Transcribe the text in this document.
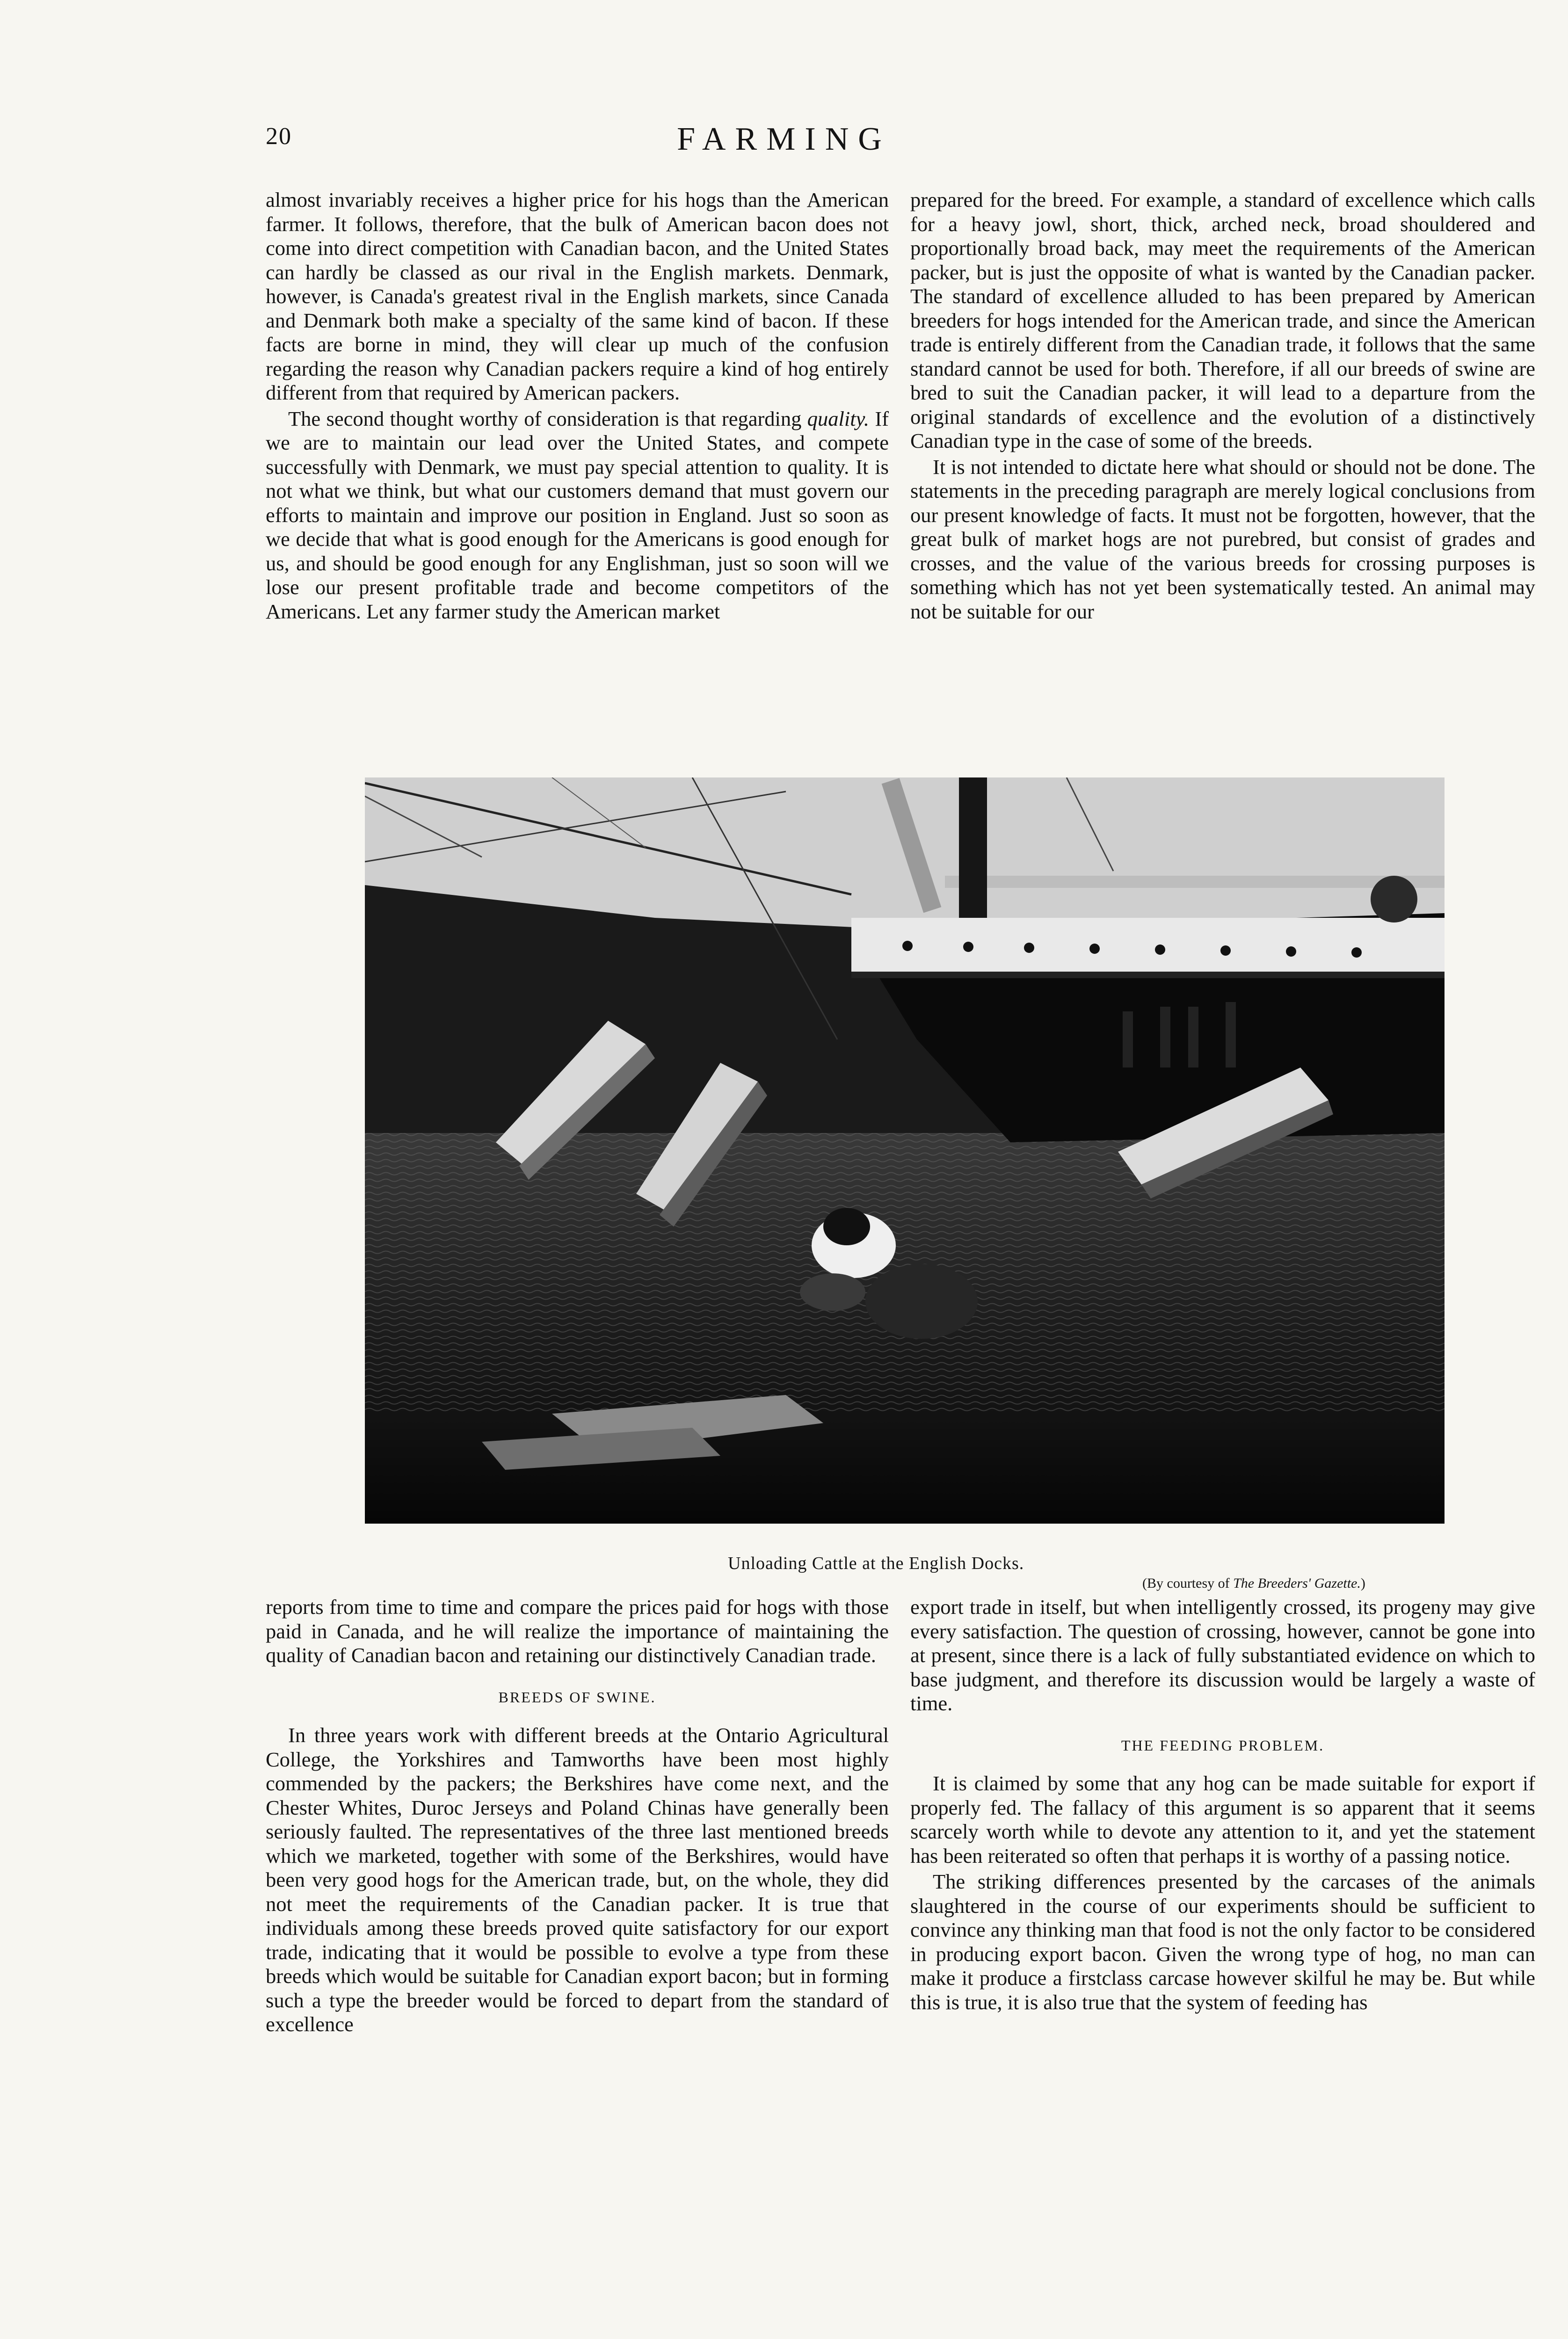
20	FARMING

almost invariably receives a higher price for his hogs than the American farmer. It follows, therefore, that the bulk of American bacon does not come into direct competition with Canadian bacon, and the United States can hardly be classed as our rival in the English markets. Denmark, however, is Canada's greatest rival in the English markets, since Canada and Denmark both make a specialty of the same kind of bacon. If these facts are borne in mind, they will clear up much of the confusion regarding the reason why Canadian packers require a kind of hog entirely different from that required by American packers.

The second thought worthy of consideration is that regarding quality. If we are to maintain our lead over the United States, and compete successfully with Denmark, we must pay special attention to quality. It is not what we think, but what our customers demand that must govern our efforts to maintain and improve our position in England. Just so soon as we decide that what is good enough for the Americans is good enough for us, and should be good enough for any Englishman, just so soon will we lose our present profitable trade and become competitors of the Americans. Let any farmer study the American market

prepared for the breed. For example, a standard of excellence which calls for a heavy jowl, short, thick, arched neck, broad shouldered and proportionally broad back, may meet the requirements of the American packer, but is just the opposite of what is wanted by the Canadian packer. The standard of excellence alluded to has been prepared by American breeders for hogs intended for the American trade, and since the American trade is entirely different from the Canadian trade, it follows that the same standard cannot be used for both. Therefore, if all our breeds of swine are bred to suit the Canadian packer, it will lead to a departure from the original standards of excellence and the evolution of a distinctively Canadian type in the case of some of the breeds.

It is not intended to dictate here what should or should not be done. The statements in the preceding paragraph are merely logical conclusions from our present knowledge of facts. It must not be forgotten, however, that the great bulk of market hogs are not purebred, but consist of grades and crosses, and the value of the various breeds for crossing purposes is something which has not yet been systematically tested. An animal may not be suitable for our

Unloading Cattle at the English Docks.
(By courtesy of The Breeders' Gazette.)

reports from time to time and compare the prices paid for hogs with those paid in Canada, and he will realize the importance of maintaining the quality of Canadian bacon and retaining our distinctively Canadian trade.

BREEDS OF SWINE.

In three years work with different breeds at the Ontario Agricultural College, the Yorkshires and Tamworths have been most highly commended by the packers; the Berkshires have come next, and the Chester Whites, Duroc Jerseys and Poland Chinas have generally been seriously faulted. The representatives of the three last mentioned breeds which we marketed, together with some of the Berkshires, would have been very good hogs for the American trade, but, on the whole, they did not meet the requirements of the Canadian packer. It is true that individuals among these breeds proved quite satisfactory for our export trade, indicating that it would be possible to evolve a type from these breeds which would be suitable for Canadian export bacon; but in forming such a type the breeder would be forced to depart from the standard of excellence

export trade in itself, but when intelligently crossed, its progeny may give every satisfaction. The question of crossing, however, cannot be gone into at present, since there is a lack of fully substantiated evidence on which to base judgment, and therefore its discussion would be largely a waste of time.

THE FEEDING PROBLEM.

It is claimed by some that any hog can be made suitable for export if properly fed. The fallacy of this argument is so apparent that it seems scarcely worth while to devote any attention to it, and yet the statement has been reiterated so often that perhaps it is worthy of a passing notice.

The striking differences presented by the carcases of the animals slaughtered in the course of our experiments should be sufficient to convince any thinking man that food is not the only factor to be considered in producing export bacon. Given the wrong type of hog, no man can make it produce a firstclass carcase however skilful he may be. But while this is true, it is also true that the system of feeding has
